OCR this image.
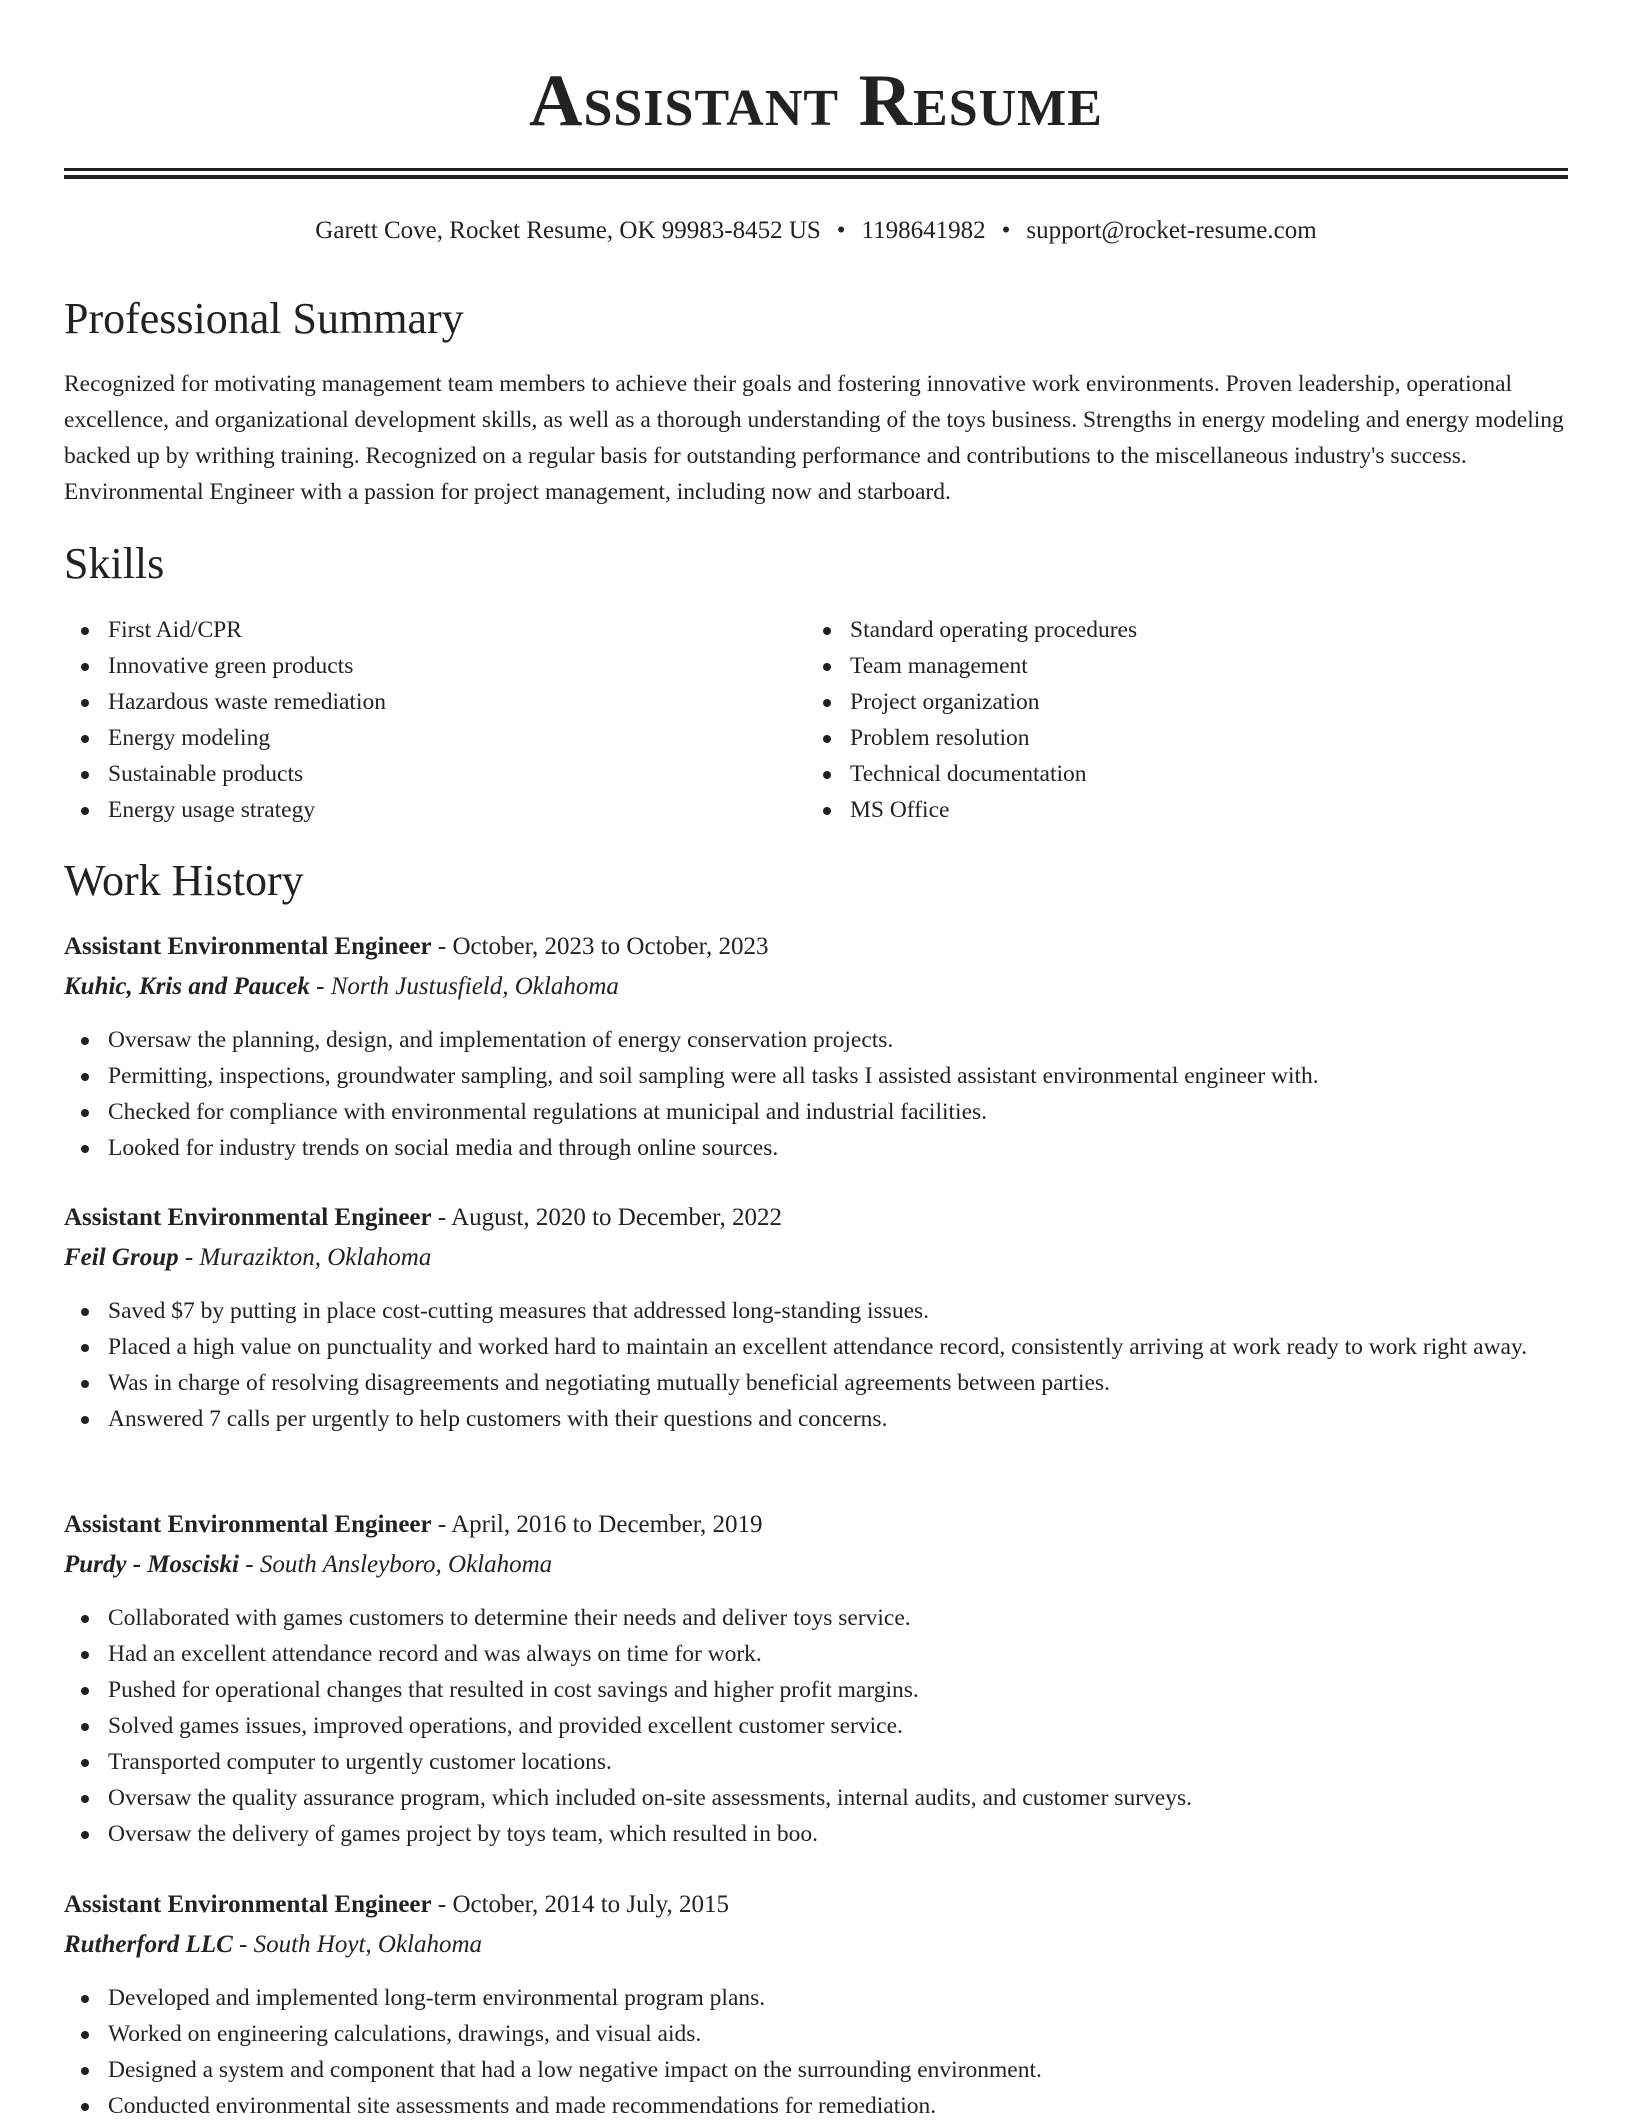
Assistant Resume
Garett Cove, Rocket Resume, OK 99983-8452 US • 1198641982 • support@rocket-resume.com
Professional Summary

Recognized for motivating management team members to achieve their goals and fostering innovative work environments. Proven leadership, operational excellence, and organizational development skills, as well as a thorough understanding of the toys business. Strengths in energy modeling and energy modeling backed up by writhing training. Recognized on a regular basis for outstanding performance and contributions to the miscellaneous industry's success. Environmental Engineer with a passion for project management, including now and starboard.

Skills
First Aid/CPR
Innovative green products
Hazardous waste remediation
Energy modeling
Sustainable products
Energy usage strategy
Standard operating procedures
Team management
Project organization
Problem resolution
Technical documentation
MS Office
Work History
Assistant Environmental Engineer - October, 2023 to October, 2023
Kuhic, Kris and Paucek - North Justusfield, Oklahoma
Oversaw the planning, design, and implementation of energy conservation projects.
Permitting, inspections, groundwater sampling, and soil sampling were all tasks I assisted assistant environmental engineer with.
Checked for compliance with environmental regulations at municipal and industrial facilities.
Looked for industry trends on social media and through online sources.
Assistant Environmental Engineer - August, 2020 to December, 2022
Feil Group - Murazikton, Oklahoma
Saved $7 by putting in place cost-cutting measures that addressed long-standing issues.
Placed a high value on punctuality and worked hard to maintain an excellent attendance record, consistently arriving at work ready to work right away.
Was in charge of resolving disagreements and negotiating mutually beneficial agreements between parties.
Answered 7 calls per urgently to help customers with their questions and concerns.
Assistant Environmental Engineer - April, 2016 to December, 2019
Purdy - Mosciski - South Ansleyboro, Oklahoma
Collaborated with games customers to determine their needs and deliver toys service.
Had an excellent attendance record and was always on time for work.
Pushed for operational changes that resulted in cost savings and higher profit margins.
Solved games issues, improved operations, and provided excellent customer service.
Transported computer to urgently customer locations.
Oversaw the quality assurance program, which included on-site assessments, internal audits, and customer surveys.
Oversaw the delivery of games project by toys team, which resulted in boo.
Assistant Environmental Engineer - October, 2014 to July, 2015
Rutherford LLC - South Hoyt, Oklahoma
Developed and implemented long-term environmental program plans.
Worked on engineering calculations, drawings, and visual aids.
Designed a system and component that had a low negative impact on the surrounding environment.
Conducted environmental site assessments and made recommendations for remediation.
